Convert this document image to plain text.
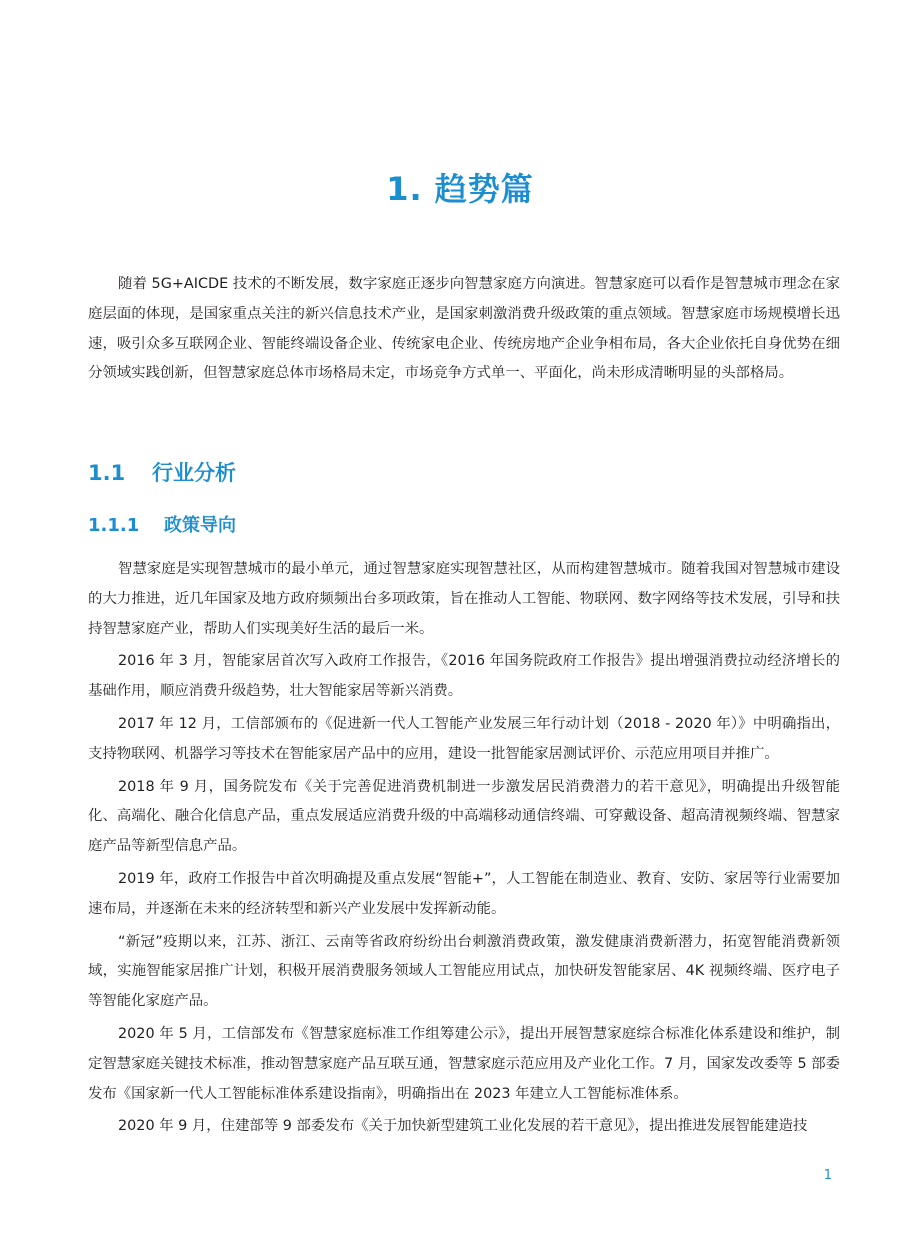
1. 趋势篇

随着 5G+AICDE 技术的不断发展，数字家庭正逐步向智慧家庭方向演进。智慧家庭可以看作是智慧城市理念在家庭层面的体现，是国家重点关注的新兴信息技术产业，是国家刺激消费升级政策的重点领域。智慧家庭市场规模增长迅速，吸引众多互联网企业、智能终端设备企业、传统家电企业、传统房地产企业争相布局，各大企业依托自身优势在细分领域实践创新，但智慧家庭总体市场格局未定，市场竞争方式单一、平面化，尚未形成清晰明显的头部格局。

1.1 行业分析
1.1.1 政策导向

智慧家庭是实现智慧城市的最小单元，通过智慧家庭实现智慧社区，从而构建智慧城市。随着我国对智慧城市建设的大力推进，近几年国家及地方政府频频出台多项政策，旨在推动人工智能、物联网、数字网络等技术发展，引导和扶持智慧家庭产业，帮助人们实现美好生活的最后一米。

2016 年 3 月，智能家居首次写入政府工作报告，《2016 年国务院政府工作报告》提出增强消费拉动经济增长的基础作用，顺应消费升级趋势，壮大智能家居等新兴消费。

2017 年 12 月，工信部颁布的《促进新一代人工智能产业发展三年行动计划（2018 - 2020 年）》中明确指出，支持物联网、机器学习等技术在智能家居产品中的应用，建设一批智能家居测试评价、示范应用项目并推广。

2018 年 9 月，国务院发布《关于完善促进消费机制进一步激发居民消费潜力的若干意见》，明确提出升级智能化、高端化、融合化信息产品，重点发展适应消费升级的中高端移动通信终端、可穿戴设备、超高清视频终端、智慧家庭产品等新型信息产品。

2019 年，政府工作报告中首次明确提及重点发展“智能+”，人工智能在制造业、教育、安防、家居等行业需要加速布局，并逐渐在未来的经济转型和新兴产业发展中发挥新动能。

“新冠”疫期以来，江苏、浙江、云南等省政府纷纷出台刺激消费政策，激发健康消费新潜力，拓宽智能消费新领域，实施智能家居推广计划，积极开展消费服务领域人工智能应用试点，加快研发智能家居、4K 视频终端、医疗电子等智能化家庭产品。

2020 年 5 月，工信部发布《智慧家庭标准工作组筹建公示》，提出开展智慧家庭综合标准化体系建设和维护，制定智慧家庭关键技术标准，推动智慧家庭产品互联互通，智慧家庭示范应用及产业化工作。7 月，国家发改委等 5 部委发布《国家新一代人工智能标准体系建设指南》，明确指出在 2023 年建立人工智能标准体系。

2020 年 9 月，住建部等 9 部委发布《关于加快新型建筑工业化发展的若干意见》，提出推进发展智能建造技

1
